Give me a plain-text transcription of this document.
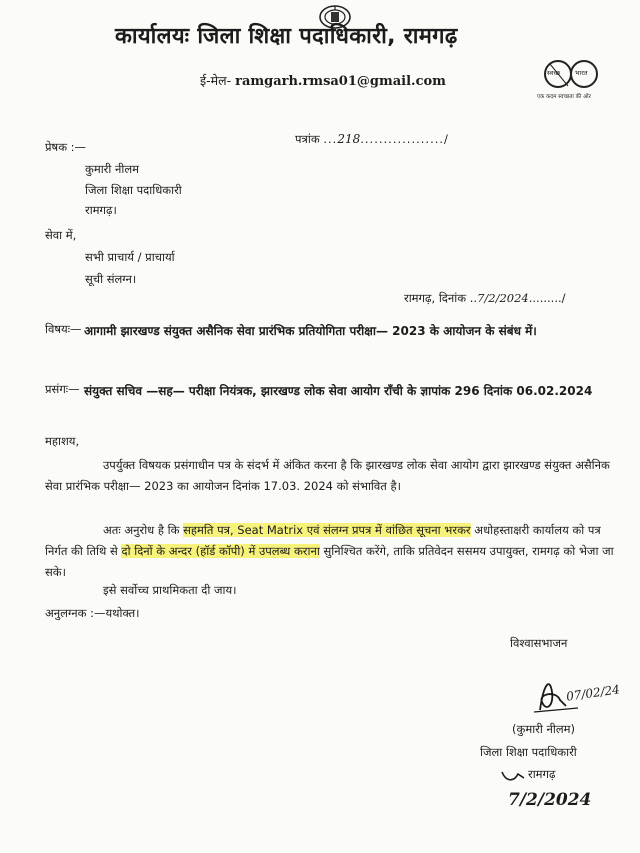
कार्यालयः जिला शिक्षा पदाधिकारी, रामगढ़
ई-मेल- ramgarh.rmsa01@gmail.com
स्वच्छ भारत
एक कदम स्वच्छता की ओर
पत्रांक ...218................../
प्रेषक :—
कुमारी नीलम
जिला शिक्षा पदाधिकारी
रामगढ़।
सेवा में,
सभी प्राचार्य / प्राचार्या
सूची संलग्न।
रामगढ़, दिनांक ..7/2/2024........./
विषयः— आगामी झारखण्ड संयुक्त असैनिक सेवा प्रारंभिक प्रतियोगिता परीक्षा— 2023 के आयोजन के संबंध में।
प्रसंगः— संयुक्त सचिव —सह— परीक्षा नियंत्रक, झारखण्ड लोक सेवा आयोग राँची के ज्ञापांक 296 दिनांक 06.02.2024
महाशय,
उपर्युक्त विषयक प्रसंगाधीन पत्र के संदर्भ में अंकित करना है कि झारखण्ड लोक सेवा आयोग द्वारा झारखण्ड संयुक्त असैनिक सेवा प्रारंभिक परीक्षा— 2023 का आयोजन दिनांक 17.03. 2024 को संभावित है।
अतः अनुरोध है कि सहमति पत्र, Seat Matrix एवं संलग्न प्रपत्र में वांछित सूचना भरकर अधोहस्ताक्षरी कार्यालय को पत्र निर्गत की तिथि से दो दिनों के अन्दर (हॉर्ड कॉपी) में उपलब्ध कराना सुनिश्चित करेंगे, ताकि प्रतिवेदन ससमय उपायुक्त, रामगढ़ को भेजा जा सके।
इसे सर्वोच्च प्राथमिकता दी जाय।
अनुलग्नक :—यथोक्त।
विश्वासभाजन
07/02/24
(कुमारी नीलम)
जिला शिक्षा पदाधिकारी
रामगढ़
7/2/2024
